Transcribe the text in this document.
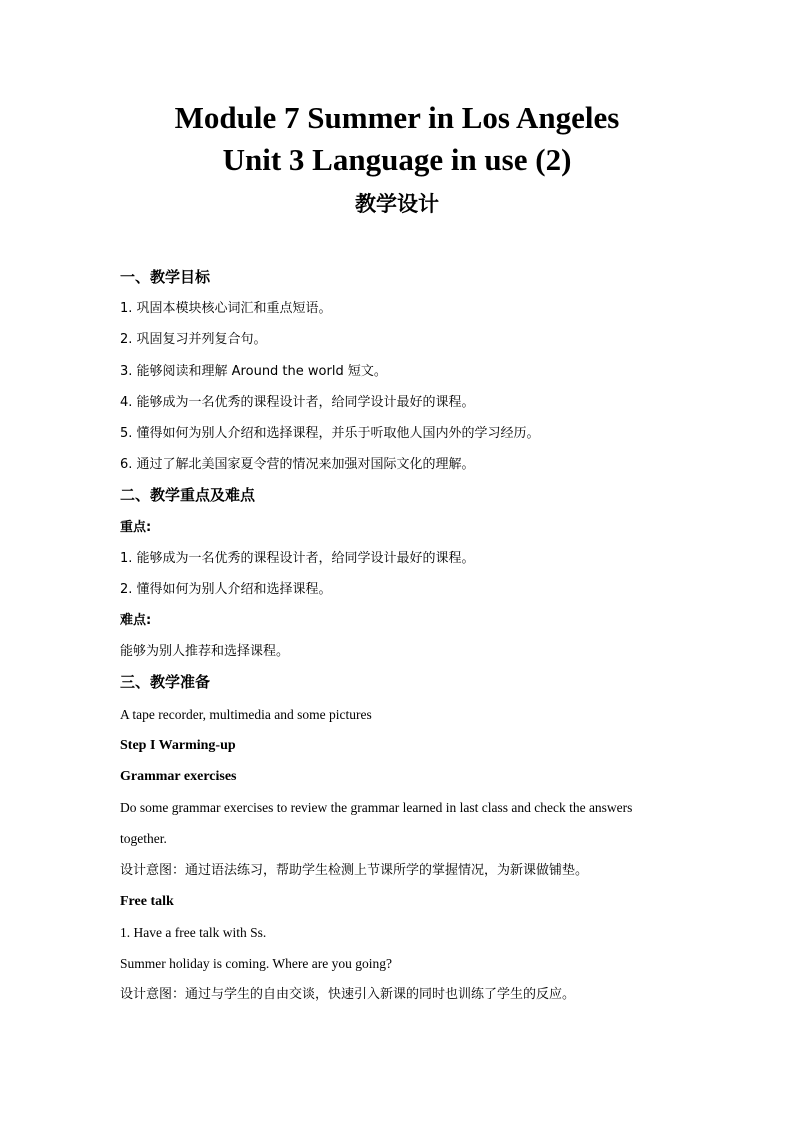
Module 7 Summer in Los Angeles
Unit 3 Language in use (2)
教学设计
一、教学目标
1. 巩固本模块核心词汇和重点短语。
2. 巩固复习并列复合句。
3. 能够阅读和理解 Around the world 短文。
4. 能够成为一名优秀的课程设计者，给同学设计最好的课程。
5. 懂得如何为别人介绍和选择课程，并乐于听取他人国内外的学习经历。
6. 通过了解北美国家夏令营的情况来加强对国际文化的理解。
二、教学重点及难点
重点:
1. 能够成为一名优秀的课程设计者，给同学设计最好的课程。
2. 懂得如何为别人介绍和选择课程。
难点:
能够为别人推荐和选择课程。
三、教学准备
A tape recorder, multimedia and some pictures
Step I Warming-up
Grammar exercises
Do some grammar exercises to review the grammar learned in last class and check the answers
together.
设计意图：通过语法练习，帮助学生检测上节课所学的掌握情况，为新课做铺垫。
Free talk
1. Have a free talk with Ss.
Summer holiday is coming. Where are you going?
设计意图：通过与学生的自由交谈，快速引入新课的同时也训练了学生的反应。
